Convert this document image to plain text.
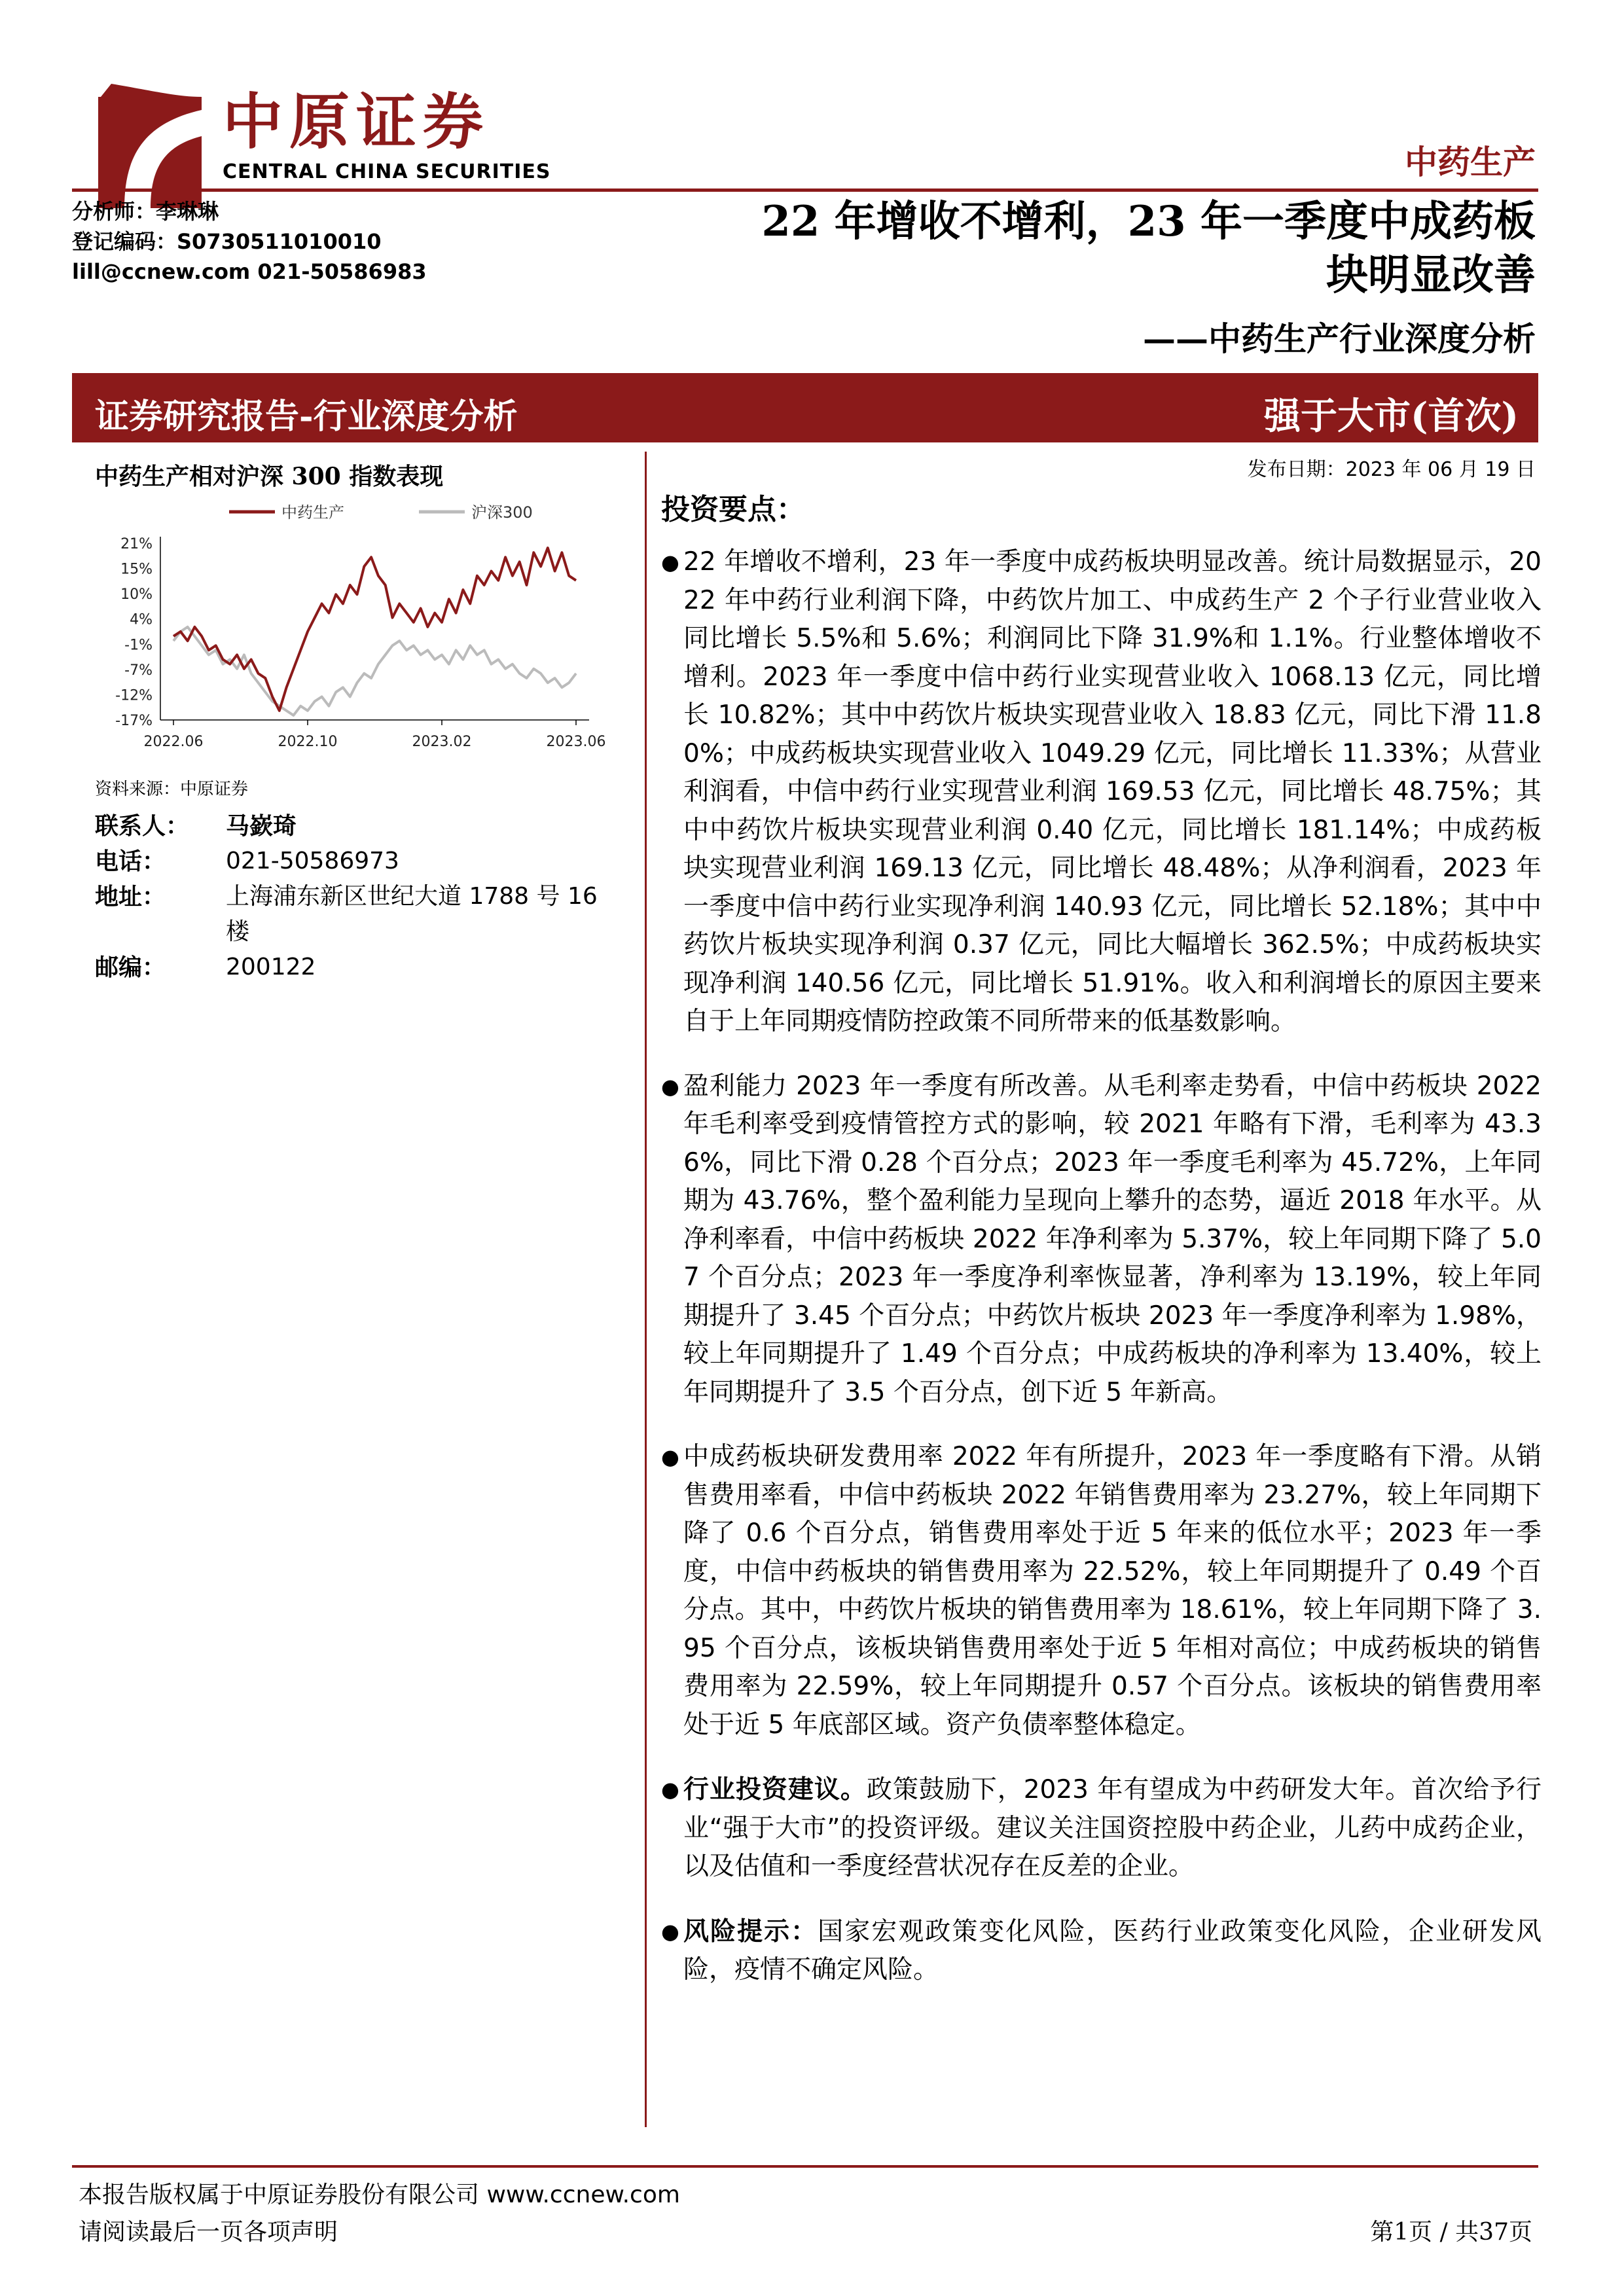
中原证券
CENTRAL CHINA SECURITIES	中药生产
分析师：李琳琳
登记编码：S0730511010010
lill@ccnew.com 021-50586983
22 年增收不增利，23 年一季度中成药板
块明显改善
——中药生产行业深度分析
证券研究报告-行业深度分析	强于大市(首次)
发布日期：2023 年 06 月 19 日
中药生产相对沪深 300 指数表现
中药生产	沪深300
21%
15%
10%
4%
-1%
-7%
-12%
-17%
2022.06	2022.10	2023.02	2023.06
资料来源：中原证券
联系人：	马嶔琦
电话：	021-50586973
地址：	上海浦东新区世纪大道 1788 号 16 楼
邮编：	200122
投资要点：
● 22 年增收不增利，23 年一季度中成药板块明显改善。统计局数据显示，2022 年中药行业利润下降，中药饮片加工、中成药生产 2 个子行业营业收入同比增长 5.5%和 5.6%；利润同比下降 31.9%和 1.1%。行业整体增收不增利。2023 年一季度中信中药行业实现营业收入 1068.13 亿元，同比增长 10.82%；其中中药饮片板块实现营业收入 18.83 亿元，同比下滑 11.80%；中成药板块实现营业收入 1049.29 亿元，同比增长 11.33%；从营业利润看，中信中药行业实现营业利润 169.53 亿元，同比增长 48.75%；其中中药饮片板块实现营业利润 0.40 亿元，同比增长 181.14%；中成药板块实现营业利润 169.13 亿元，同比增长 48.48%；从净利润看，2023 年一季度中信中药行业实现净利润 140.93 亿元，同比增长 52.18%；其中中药饮片板块实现净利润 0.37 亿元，同比大幅增长 362.5%；中成药板块实现净利润 140.56 亿元，同比增长 51.91%。收入和利润增长的原因主要来自于上年同期疫情防控政策不同所带来的低基数影响。
● 盈利能力 2023 年一季度有所改善。从毛利率走势看，中信中药板块 2022 年毛利率受到疫情管控方式的影响，较 2021 年略有下滑，毛利率为 43.36%，同比下滑 0.28 个百分点；2023 年一季度毛利率为 45.72%，上年同期为 43.76%，整个盈利能力呈现向上攀升的态势，逼近 2018 年水平。从净利率看，中信中药板块 2022 年净利率为 5.37%，较上年同期下降了 5.07 个百分点；2023 年一季度净利率恢显著，净利率为 13.19%，较上年同期提升了 3.45 个百分点；中药饮片板块 2023 年一季度净利率为 1.98%，较上年同期提升了 1.49 个百分点；中成药板块的净利率为 13.40%，较上年同期提升了 3.5 个百分点，创下近 5 年新高。
● 中成药板块研发费用率 2022 年有所提升，2023 年一季度略有下滑。从销售费用率看，中信中药板块 2022 年销售费用率为 23.27%，较上年同期下降了 0.6 个百分点，销售费用率处于近 5 年来的低位水平；2023 年一季度，中信中药板块的销售费用率为 22.52%，较上年同期提升了 0.49 个百分点。其中，中药饮片板块的销售费用率为 18.61%，较上年同期下降了 3.95 个百分点，该板块销售费用率处于近 5 年相对高位；中成药板块的销售费用率为 22.59%，较上年同期提升 0.57 个百分点。该板块的销售费用率处于近 5 年底部区域。资产负债率整体稳定。
● 行业投资建议。政策鼓励下，2023 年有望成为中药研发大年。首次给予行业“强于大市”的投资评级。建议关注国资控股中药企业，儿药中成药企业，以及估值和一季度经营状况存在反差的企业。
● 风险提示：国家宏观政策变化风险，医药行业政策变化风险，企业研发风险，疫情不确定风险。
本报告版权属于中原证券股份有限公司 www.ccnew.com
请阅读最后一页各项声明	第1页 / 共37页
